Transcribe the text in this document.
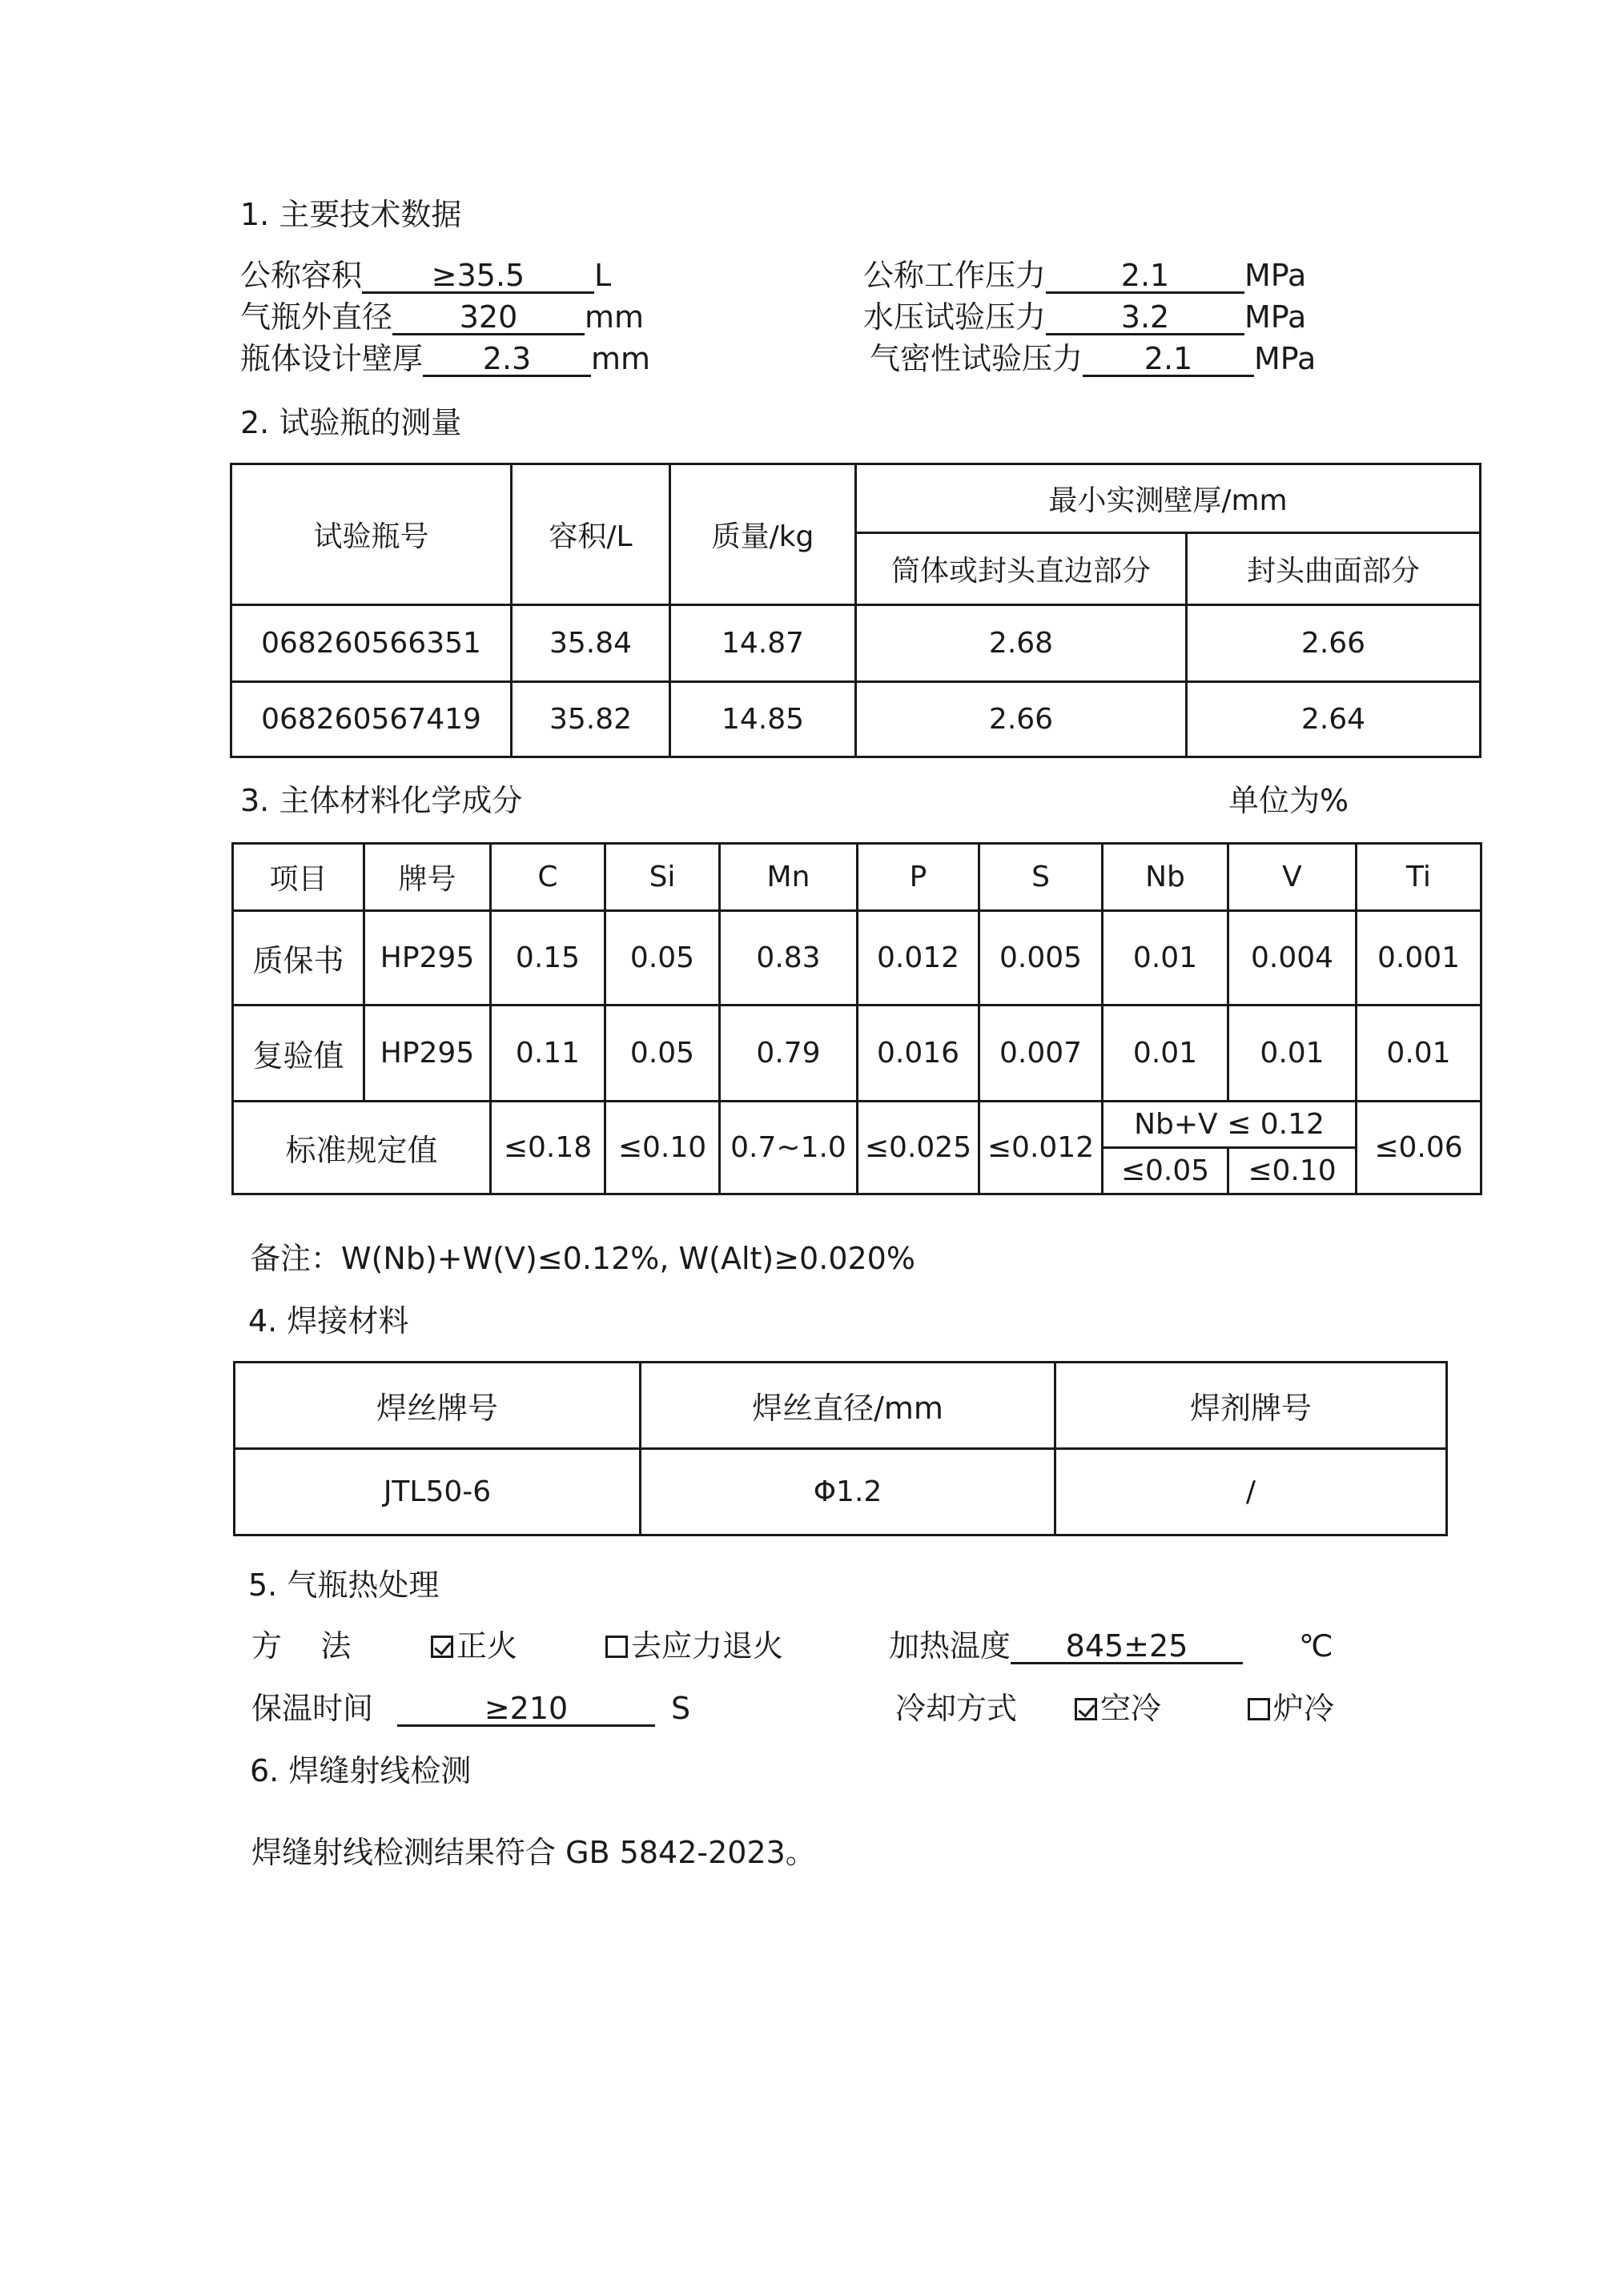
1. 主要技术数据
公称容积 ≥35.5 L
气瓶外直径 320 mm
瓶体设计壁厚 2.3 mm
公称工作压力 2.1 MPa
水压试验压力 3.2 MPa
气密性试验压力 2.1 MPa
2. 试验瓶的测量
试验瓶号	容积/L	质量/kg	最小实测壁厚/mm	
			筒体或封头直边部分	封头曲面部分
068260566351	35.84	14.87	2.68	2.66
068260567419	35.82	14.85	2.66	2.64
3. 主体材料化学成分	单位为%
项目	牌号	C	Si	Mn	P	S	Nb	V	Ti
质保书	HP295	0.15	0.05	0.83	0.012	0.005	0.01	0.004	0.001
复验值	HP295	0.11	0.05	0.79	0.016	0.007	0.01	0.01	0.01
标准规定值		≤0.18	≤0.10	0.7~1.0	≤0.025	≤0.012	Nb+V ≤ 0.12		≤0.06
							≤0.05	≤0.10	
备注：W(Nb)+W(V)≤0.12%, W(Alt)≥0.020%
4. 焊接材料
焊丝牌号	焊丝直径/mm	焊剂牌号
JTL50-6	Φ1.2	/
5. 气瓶热处理
方    法	正火	去应力退火	加热温度 845±25	℃
保温时间	≥210	S	冷却方式	空冷	炉冷
6. 焊缝射线检测
焊缝射线检测结果符合 GB 5842-2023。
